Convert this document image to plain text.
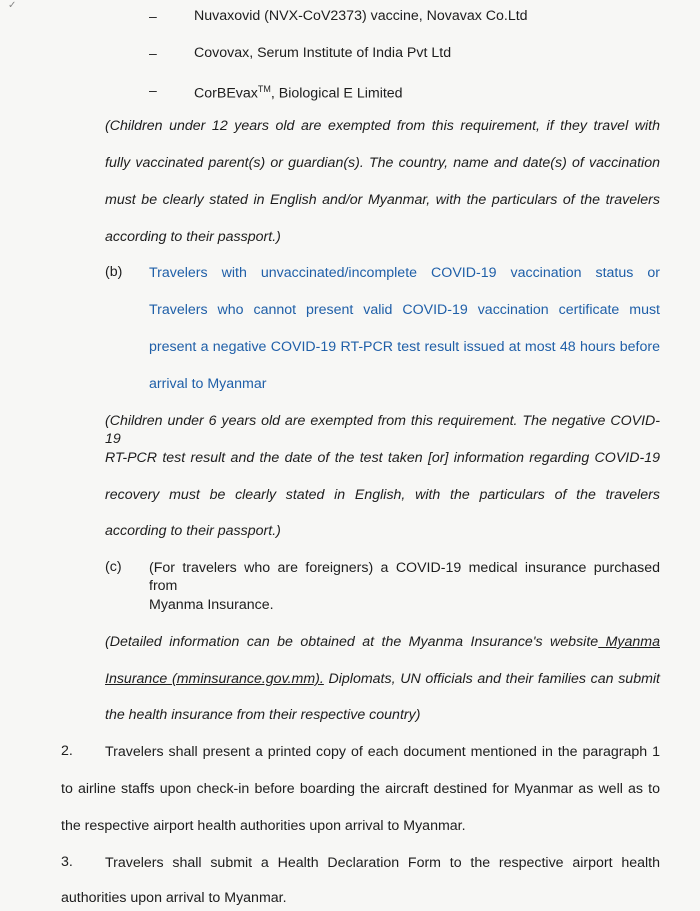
✓
–	Nuvaxovid (NVX-CoV2373) vaccine, Novavax Co.Ltd
–	Covovax, Serum Institute of India Pvt Ltd
–	CorBEvax™, Biological E Limited
(Children under 12 years old are exempted from this requirement, if they travel with
fully vaccinated parent(s) or guardian(s). The country, name and date(s) of vaccination
must be clearly stated in English and/or Myanmar, with the particulars of the travelers
according to their passport.)
(b) Travelers with unvaccinated/incomplete COVID-19 vaccination status or
Travelers who cannot present valid COVID-19 vaccination certificate must
present a negative COVID-19 RT-PCR test result issued at most 48 hours before
arrival to Myanmar
(Children under 6 years old are exempted from this requirement. The negative COVID-19
RT-PCR test result and the date of the test taken [or] information regarding COVID-19
recovery must be clearly stated in English, with the particulars of the travelers
according to their passport.)
(c) (For travelers who are foreigners) a COVID-19 medical insurance purchased from
Myanma Insurance.
(Detailed information can be obtained at the Myanma Insurance's website Myanma
Insurance (mminsurance.gov.mm). Diplomats, UN officials and their families can submit
the health insurance from their respective country)
2. Travelers shall present a printed copy of each document mentioned in the paragraph 1
to airline staffs upon check-in before boarding the aircraft destined for Myanmar as well as to
the respective airport health authorities upon arrival to Myanmar.
3. Travelers shall submit a Health Declaration Form to the respective airport health
authorities upon arrival to Myanmar.
